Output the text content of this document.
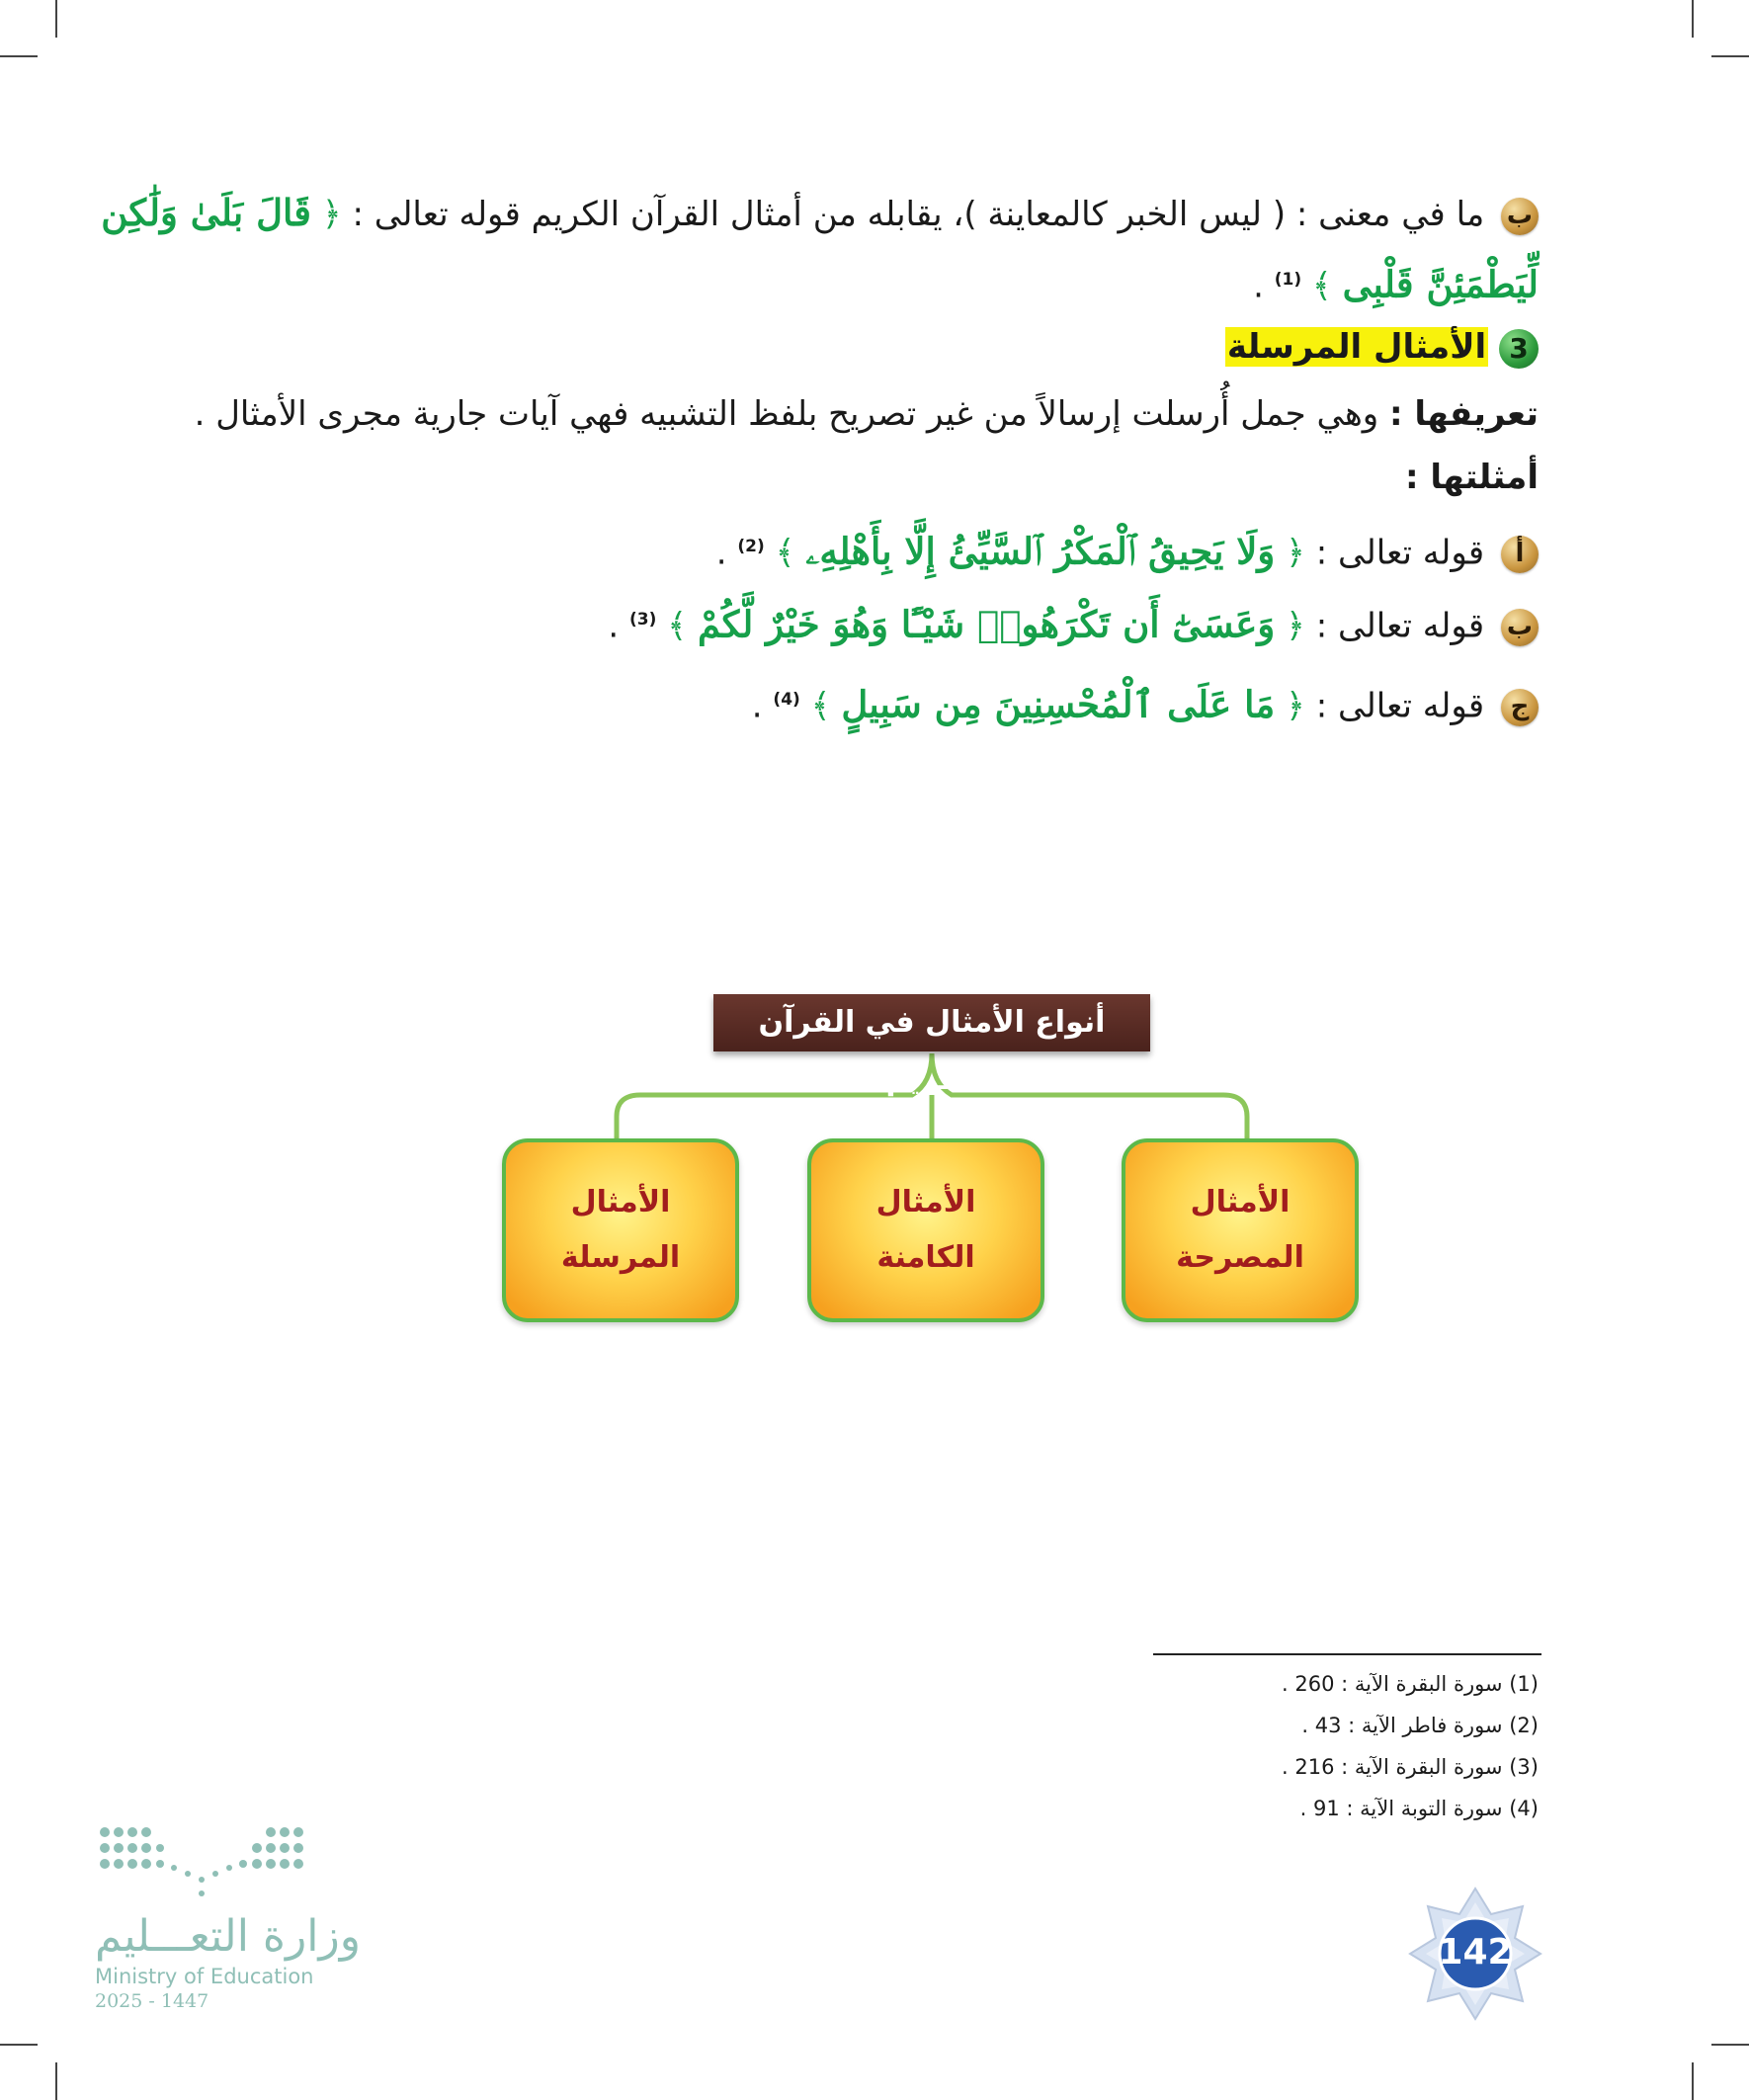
ب ما في معنى : ( ليس الخبر كالمعاينة )، يقابله من أمثال القرآن الكريم قوله تعالى : ﴿ قَالَ بَلَىٰ وَلَٰكِن
لِّيَطْمَئِنَّ قَلْبِى ﴾ $^{(1)}$ .
3 الأمثال المرسلة
تعريفها : وهي جمل أُرسلت إرسالاً من غير تصريح بلفظ التشبيه فهي آيات جارية مجرى الأمثال .
أمثلتها :
أ قوله تعالى : ﴿ وَلَا يَحِيقُ ٱلْمَكْرُ ٱلسَّيِّئُ إِلَّا بِأَهْلِهِۦ ﴾ $^{(2)}$ .
ب قوله تعالى : ﴿ وَعَسَىٰٓ أَن تَكْرَهُوا۟ شَيْـًٔا وَهُوَ خَيْرٌ لَّكُمْ ﴾ $^{(3)}$ .
ج قوله تعالى : ﴿ مَا عَلَى ٱلْمُحْسِنِينَ مِن سَبِيلٍ ﴾ $^{(4)}$ .
أنواع الأمثال في القرآن الكريم
الأمثال
المصرحة
الأمثال
الكامنة
الأمثال
المرسلة
(1) سورة البقرة الآية : 260 .
(2) سورة فاطر الآية : 43 .
(3) سورة البقرة الآية : 216 .
(4) سورة التوبة الآية : 91 .
وزارة التعـــليم
Ministry of Education
2025 - 1447
142
